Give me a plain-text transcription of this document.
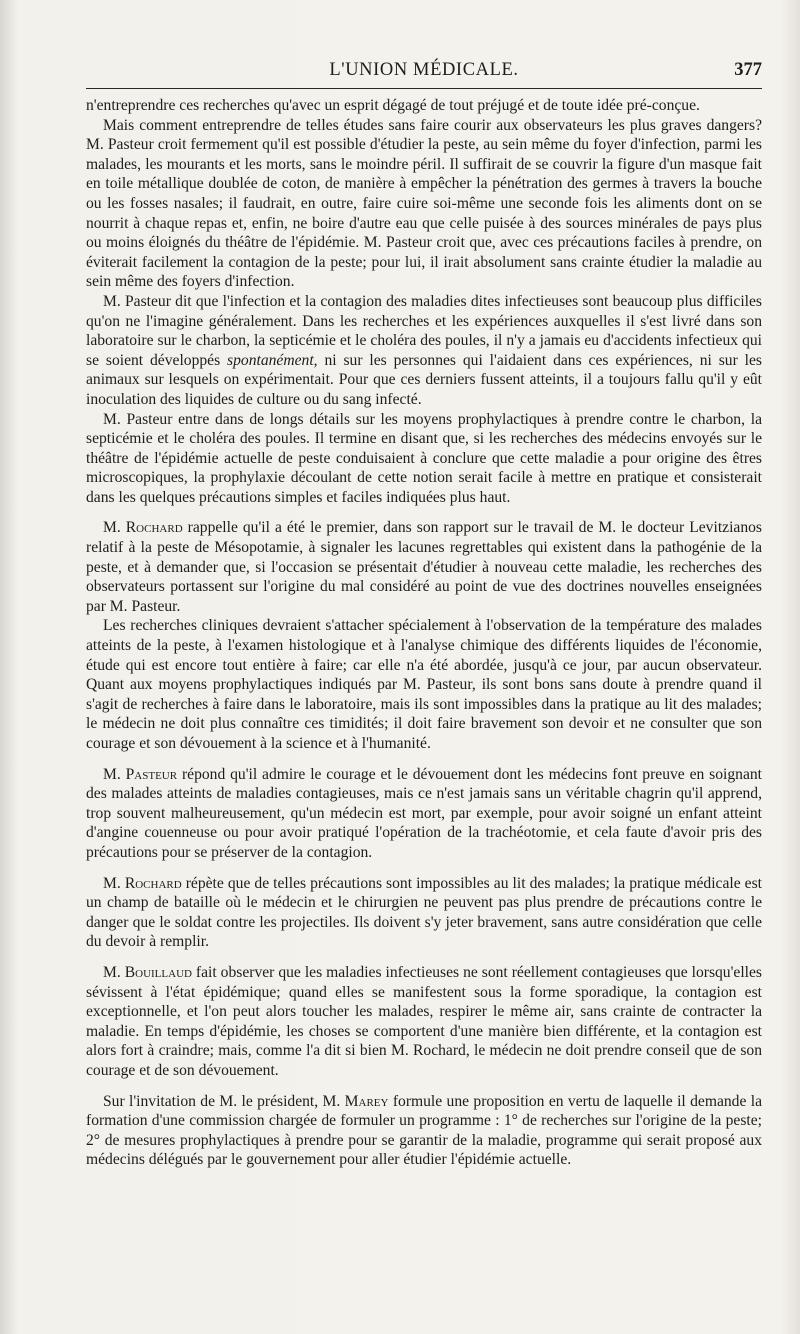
L'UNION MÉDICALE.	377

n'entreprendre ces recherches qu'avec un esprit dégagé de tout préjugé et de toute idée pré-conçue.

Mais comment entreprendre de telles études sans faire courir aux observateurs les plus graves dangers? M. Pasteur croit fermement qu'il est possible d'étudier la peste, au sein même du foyer d'infection, parmi les malades, les mourants et les morts, sans le moindre péril. Il suffirait de se couvrir la figure d'un masque fait en toile métallique doublée de coton, de manière à empêcher la pénétration des germes à travers la bouche ou les fosses nasales; il faudrait, en outre, faire cuire soi-même une seconde fois les aliments dont on se nourrit à chaque repas et, enfin, ne boire d'autre eau que celle puisée à des sources minérales de pays plus ou moins éloignés du théâtre de l'épidémie. M. Pasteur croit que, avec ces précautions faciles à prendre, on éviterait facilement la contagion de la peste; pour lui, il irait absolument sans crainte étudier la maladie au sein même des foyers d'infection.

M. Pasteur dit que l'infection et la contagion des maladies dites infectieuses sont beaucoup plus difficiles qu'on ne l'imagine généralement. Dans les recherches et les expériences auxquelles il s'est livré dans son laboratoire sur le charbon, la septicémie et le choléra des poules, il n'y a jamais eu d'accidents infectieux qui se soient développés spontanément, ni sur les personnes qui l'aidaient dans ces expériences, ni sur les animaux sur lesquels on expérimentait. Pour que ces derniers fussent atteints, il a toujours fallu qu'il y eût inoculation des liquides de culture ou du sang infecté.

M. Pasteur entre dans de longs détails sur les moyens prophylactiques à prendre contre le charbon, la septicémie et le choléra des poules. Il termine en disant que, si les recherches des médecins envoyés sur le théâtre de l'épidémie actuelle de peste conduisaient à conclure que cette maladie a pour origine des êtres microscopiques, la prophylaxie découlant de cette notion serait facile à mettre en pratique et consisterait dans les quelques précautions simples et faciles indiquées plus haut.

M. Rochard rappelle qu'il a été le premier, dans son rapport sur le travail de M. le docteur Levitzianos relatif à la peste de Mésopotamie, à signaler les lacunes regrettables qui existent dans la pathogénie de la peste, et à demander que, si l'occasion se présentait d'étudier à nouveau cette maladie, les recherches des observateurs portassent sur l'origine du mal considéré au point de vue des doctrines nouvelles enseignées par M. Pasteur.

Les recherches cliniques devraient s'attacher spécialement à l'observation de la température des malades atteints de la peste, à l'examen histologique et à l'analyse chimique des différents liquides de l'économie, étude qui est encore tout entière à faire; car elle n'a été abordée, jusqu'à ce jour, par aucun observateur. Quant aux moyens prophylactiques indiqués par M. Pasteur, ils sont bons sans doute à prendre quand il s'agit de recherches à faire dans le laboratoire, mais ils sont impossibles dans la pratique au lit des malades; le médecin ne doit plus connaître ces timidités; il doit faire bravement son devoir et ne consulter que son courage et son dévouement à la science et à l'humanité.

M. Pasteur répond qu'il admire le courage et le dévouement dont les médecins font preuve en soignant des malades atteints de maladies contagieuses, mais ce n'est jamais sans un véritable chagrin qu'il apprend, trop souvent malheureusement, qu'un médecin est mort, par exemple, pour avoir soigné un enfant atteint d'angine couenneuse ou pour avoir pratiqué l'opération de la trachéotomie, et cela faute d'avoir pris des précautions pour se préserver de la contagion.

M. Rochard répète que de telles précautions sont impossibles au lit des malades; la pratique médicale est un champ de bataille où le médecin et le chirurgien ne peuvent pas plus prendre de précautions contre le danger que le soldat contre les projectiles. Ils doivent s'y jeter bravement, sans autre considération que celle du devoir à remplir.

M. Bouillaud fait observer que les maladies infectieuses ne sont réellement contagieuses que lorsqu'elles sévissent à l'état épidémique; quand elles se manifestent sous la forme sporadique, la contagion est exceptionnelle, et l'on peut alors toucher les malades, respirer le même air, sans crainte de contracter la maladie. En temps d'épidémie, les choses se comportent d'une manière bien différente, et la contagion est alors fort à craindre; mais, comme l'a dit si bien M. Rochard, le médecin ne doit prendre conseil que de son courage et de son dévouement.

Sur l'invitation de M. le président, M. Marey formule une proposition en vertu de laquelle il demande la formation d'une commission chargée de formuler un programme : 1° de recherches sur l'origine de la peste; 2° de mesures prophylactiques à prendre pour se garantir de la maladie, programme qui serait proposé aux médecins délégués par le gouvernement pour aller étudier l'épidémie actuelle.
